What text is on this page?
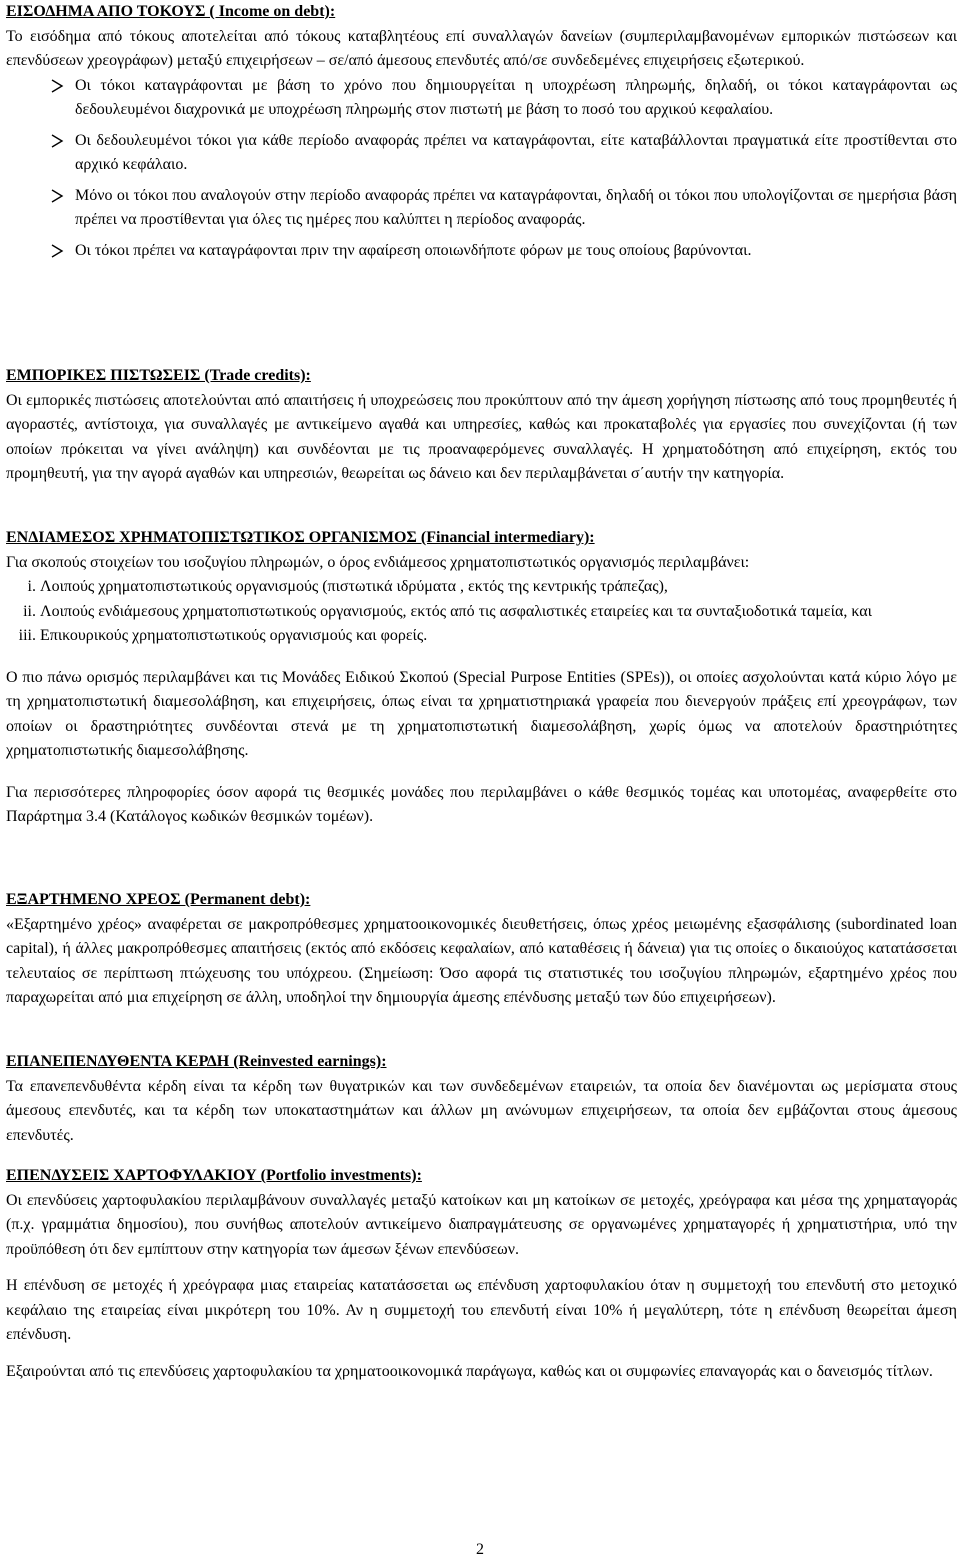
ΕΙΣΟΔΗΜΑ ΑΠΟ ΤΟΚΟΥΣ ( Income on debt):

Το εισόδημα από τόκους αποτελείται από τόκους καταβλητέους επί συναλλαγών δανείων (συμπεριλαμβανομένων εμπορικών πιστώσεων και επενδύσεων χρεογράφων) μεταξύ επιχειρήσεων – σε/από άμεσους επενδυτές από/σε συνδεδεμένες επιχειρήσεις εξωτερικού.

Οι τόκοι καταγράφονται με βάση το χρόνο που δημιουργείται η υποχρέωση πληρωμής, δηλαδή, οι τόκοι καταγράφονται ως δεδουλευμένοι διαχρονικά με υποχρέωση πληρωμής στον πιστωτή με βάση το ποσό του αρχικού κεφαλαίου.
Οι δεδουλευμένοι τόκοι για κάθε περίοδο αναφοράς πρέπει να καταγράφονται, είτε καταβάλλονται πραγματικά είτε προστίθενται στο αρχικό κεφάλαιο.
Μόνο οι τόκοι που αναλογούν στην περίοδο αναφοράς πρέπει να καταγράφονται, δηλαδή οι τόκοι που υπολογίζονται σε ημερήσια βάση πρέπει να προστίθενται για όλες τις ημέρες που καλύπτει η περίοδος αναφοράς.
Οι τόκοι πρέπει να καταγράφονται πριν την αφαίρεση οποιωνδήποτε φόρων με τους οποίους βαρύνονται.
ΕΜΠΟΡΙΚΕΣ ΠΙΣΤΩΣΕΙΣ (Trade credits):

Οι εμπορικές πιστώσεις αποτελούνται από απαιτήσεις ή υποχρεώσεις που προκύπτουν από την άμεση χορήγηση πίστωσης από τους προμηθευτές ή αγοραστές, αντίστοιχα, για συναλλαγές με αντικείμενο αγαθά και υπηρεσίες, καθώς και προκαταβολές για εργασίες που συνεχίζονται (ή των οποίων πρόκειται να γίνει ανάληψη) και συνδέονται με τις προαναφερόμενες συναλλαγές. Η χρηματοδότηση από επιχείρηση, εκτός του προμηθευτή, για την αγορά αγαθών και υπηρεσιών, θεωρείται ως δάνειο και δεν περιλαμβάνεται σ΄αυτήν την κατηγορία.

ΕΝΔΙΑΜΕΣΟΣ ΧΡΗΜΑΤΟΠΙΣΤΩΤΙΚΟΣ ΟΡΓΑΝΙΣΜΟΣ (Financial intermediary):

Για σκοπούς στοιχείων του ισοζυγίου πληρωμών, ο όρος ενδιάμεσος χρηματοπιστωτικός οργανισμός περιλαμβάνει:

i. Λοιπούς χρηματοπιστωτικούς οργανισμούς (πιστωτικά ιδρύματα , εκτός της κεντρικής τράπεζας),
ii. Λοιπούς ενδιάμεσους χρηματοπιστωτικούς οργανισμούς, εκτός από τις ασφαλιστικές εταιρείες και τα συνταξιοδοτικά ταμεία, και
iii. Επικουρικούς χρηματοπιστωτικούς οργανισμούς και φορείς.

Ο πιο πάνω ορισμός περιλαμβάνει και τις Μονάδες Ειδικού Σκοπού (Special Purpose Entities (SPEs)), οι οποίες ασχολούνται κατά κύριο λόγο με τη χρηματοπιστωτική διαμεσολάβηση, και επιχειρήσεις, όπως είναι τα χρηματιστηριακά γραφεία που διενεργούν πράξεις επί χρεογράφων, των οποίων οι δραστηριότητες συνδέονται στενά με τη χρηματοπιστωτική διαμεσολάβηση, χωρίς όμως να αποτελούν δραστηριότητες χρηματοπιστωτικής διαμεσολάβησης.

Για περισσότερες πληροφορίες όσον αφορά τις θεσμικές μονάδες που περιλαμβάνει ο κάθε θεσμικός τομέας και υποτομέας, αναφερθείτε στο Παράρτημα 3.4 (Κατάλογος κωδικών θεσμικών τομέων).

ΕΞΑΡΤΗΜΕΝΟ ΧΡΕΟΣ (Permanent debt):

«Εξαρτημένο χρέος» αναφέρεται σε μακροπρόθεσμες χρηματοοικονομικές διευθετήσεις, όπως χρέος μειωμένης εξασφάλισης (subordinated loan capital), ή άλλες μακροπρόθεσμες απαιτήσεις (εκτός από εκδόσεις κεφαλαίων, από καταθέσεις ή δάνεια) για τις οποίες ο δικαιούχος κατατάσσεται τελευταίος σε περίπτωση πτώχευσης του υπόχρεου. (Σημείωση: Όσο αφορά τις στατιστικές του ισοζυγίου πληρωμών, εξαρτημένο χρέος που παραχωρείται από μια επιχείρηση σε άλλη, υποδηλοί την δημιουργία άμεσης επένδυσης μεταξύ των δύο επιχειρήσεων).

ΕΠΑΝΕΠΕΝΔΥΘΕΝΤΑ ΚΕΡΔΗ (Reinvested earnings):

Τα επανεπενδυθέντα κέρδη είναι τα κέρδη των θυγατρικών και των συνδεδεμένων εταιρειών, τα οποία δεν διανέμονται ως μερίσματα στους άμεσους επενδυτές, και τα κέρδη των υποκαταστημάτων και άλλων μη ανώνυμων επιχειρήσεων, τα οποία δεν εμβάζονται στους άμεσους επενδυτές.

ΕΠΕΝΔΥΣΕΙΣ ΧΑΡΤΟΦΥΛΑΚΙΟΥ (Portfolio investments):

Οι επενδύσεις χαρτοφυλακίου περιλαμβάνουν συναλλαγές μεταξύ κατοίκων και μη κατοίκων σε μετοχές, χρεόγραφα και μέσα της χρηματαγοράς (π.χ. γραμμάτια δημοσίου), που συνήθως αποτελούν αντικείμενο διαπραγμάτευσης σε οργανωμένες χρηματαγορές ή χρηματιστήρια, υπό την προϋπόθεση ότι δεν εμπίπτουν στην κατηγορία των άμεσων ξένων επενδύσεων.

Η επένδυση σε μετοχές ή χρεόγραφα μιας εταιρείας κατατάσσεται ως επένδυση χαρτοφυλακίου όταν η συμμετοχή του επενδυτή στο μετοχικό κεφάλαιο της εταιρείας είναι μικρότερη του 10%. Αν η συμμετοχή του επενδυτή είναι 10% ή μεγαλύτερη, τότε η επένδυση θεωρείται άμεση επένδυση.

Εξαιρούνται από τις επενδύσεις χαρτοφυλακίου τα χρηματοοικονομικά παράγωγα, καθώς και οι συμφωνίες επαναγοράς και ο δανεισμός τίτλων.

2
